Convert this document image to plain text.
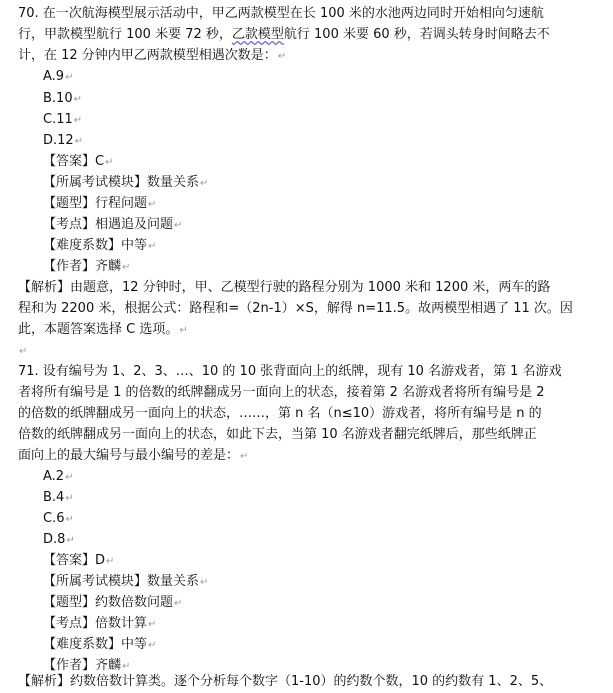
70. 在一次航海模型展示活动中，甲乙两款模型在长 100 米的水池两边同时开始相向匀速航
行，甲款模型航行 100 米要 72 秒，乙款模型航行 100 米要 60 秒，若调头转身时间略去不
计，在 12 分钟内甲乙两款模型相遇次数是：↵
A.9↵
B.10↵
C.11↵
D.12↵
【答案】C↵
【所属考试模块】数量关系↵
【题型】行程问题↵
【考点】相遇追及问题↵
【难度系数】中等↵
【作者】齐麟↵
【解析】由题意，12 分钟时，甲、乙模型行驶的路程分别为 1000 米和 1200 米，两车的路
程和为 2200 米，根据公式：路程和=（2n-1）×S，解得 n=11.5。故两模型相遇了 11 次。因
此，本题答案选择 C 选项。↵
↵
71. 设有编号为 1、2、3、…、10 的 10 张背面向上的纸牌，现有 10 名游戏者，第 1 名游戏
者将所有编号是 1 的倍数的纸牌翻成另一面向上的状态，接着第 2 名游戏者将所有编号是 2
的倍数的纸牌翻成另一面向上的状态，……，第 n 名（n≤10）游戏者，将所有编号是 n 的
倍数的纸牌翻成另一面向上的状态，如此下去，当第 10 名游戏者翻完纸牌后，那些纸牌正
面向上的最大编号与最小编号的差是：↵
A.2↵
B.4↵
C.6↵
D.8↵
【答案】D↵
【所属考试模块】数量关系↵
【题型】约数倍数问题↵
【考点】倍数计算↵
【难度系数】中等↵
【作者】齐麟↵
【解析】约数倍数计算类。逐个分析每个数字（1-10）的约数个数，10 的约数有 1、2、5、
